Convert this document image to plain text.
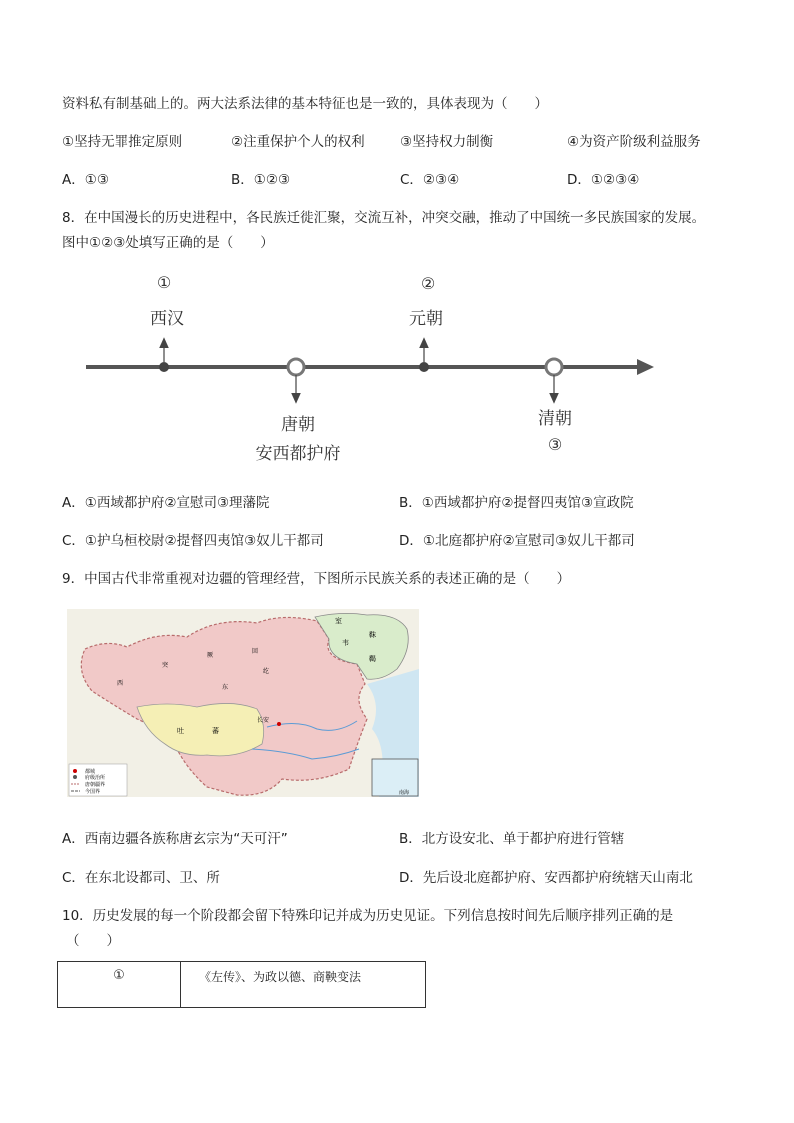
资料私有制基础上的。两大法系法律的基本特征也是一致的，具体表现为（　　）
①坚持无罪推定原则	②注重保护个人的权利	③坚持权力制衡	④为资产阶级利益服务
A．①③	B．①②③	C．②③④	D．①②③④
8．在中国漫长的历史进程中，各民族迁徙汇聚，交流互补，冲突交融，推动了中国统一多民族国家的发展。
图中①②③处填写正确的是（　　）
①
西汉
唐朝
安西都护府
②
元朝
清朝
③
A．①西域都护府②宣慰司③理藩院	B．①西域都护府②提督四夷馆③宣政院
C．①护乌桓校尉②提督四夷馆③奴儿干都司	D．①北庭都护府②宣慰司③奴儿干都司
9．中国古代非常重视对边疆的管理经营，下图所示民族关系的表述正确的是（　　）
都城
府级治所
唐朝疆界
今国界
室
靺
韦
鞨
回
纥
突
厥
东
西
吐	蕃
长安
南海
A．西南边疆各族称唐玄宗为“天可汗”	B．北方设安北、单于都护府进行管辖
C．在东北设都司、卫、所	D．先后设北庭都护府、安西都护府统辖天山南北
10．历史发展的每一个阶段都会留下特殊印记并成为历史见证。下列信息按时间先后顺序排列正确的是
（　　）
①	《左传》、为政以德、商鞅变法
